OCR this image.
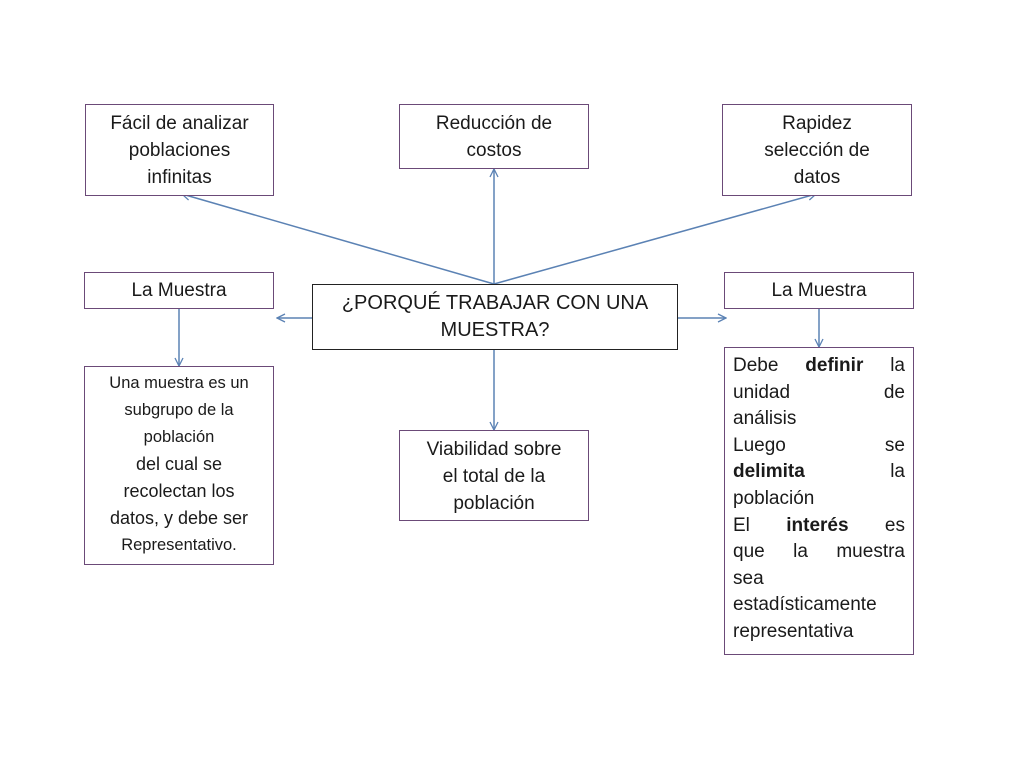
Fácil de analizar
poblaciones
infinitas
Reducción de
costos
Rapidez
selección de
datos
La Muestra
¿PORQUÉ TRABAJAR CON UNA
MUESTRA?
La Muestra
Una muestra es un
subgrupo de la
población
del cual se
recolectan los
datos, y debe ser
Representativo.
Viabilidad sobre
el total de la
población
Debe definir la
unidad de
análisis
Luego se
delimita la
población
El interés es
que la muestra
sea
estadísticamente
representativa
